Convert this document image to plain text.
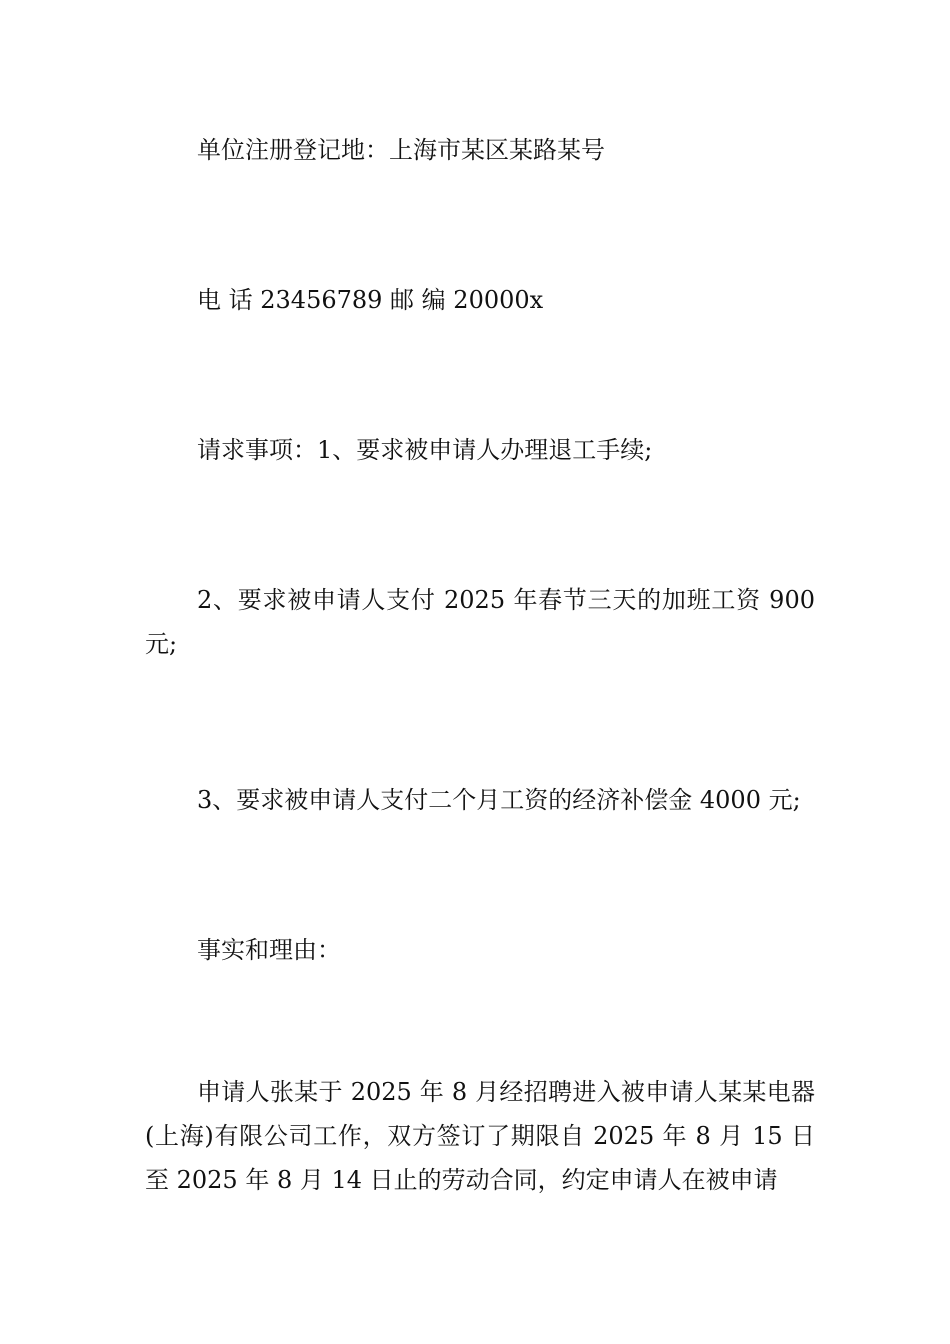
单位注册登记地：上海市某区某路某号

电 话 23456789 邮 编 20000x

请求事项：1、要求被申请人办理退工手续;

2、要求被申请人支付 2025 年春节三天的加班工资 900 元;

3、要求被申请人支付二个月工资的经济补偿金 4000 元;

事实和理由：

申请人张某于 2025 年 8 月经招聘进入被申请人某某电器(上海)有限公司工作，双方签订了期限自 2025 年 8 月 15 日至 2025 年 8 月 14 日止的劳动合同，约定申请人在被申请
